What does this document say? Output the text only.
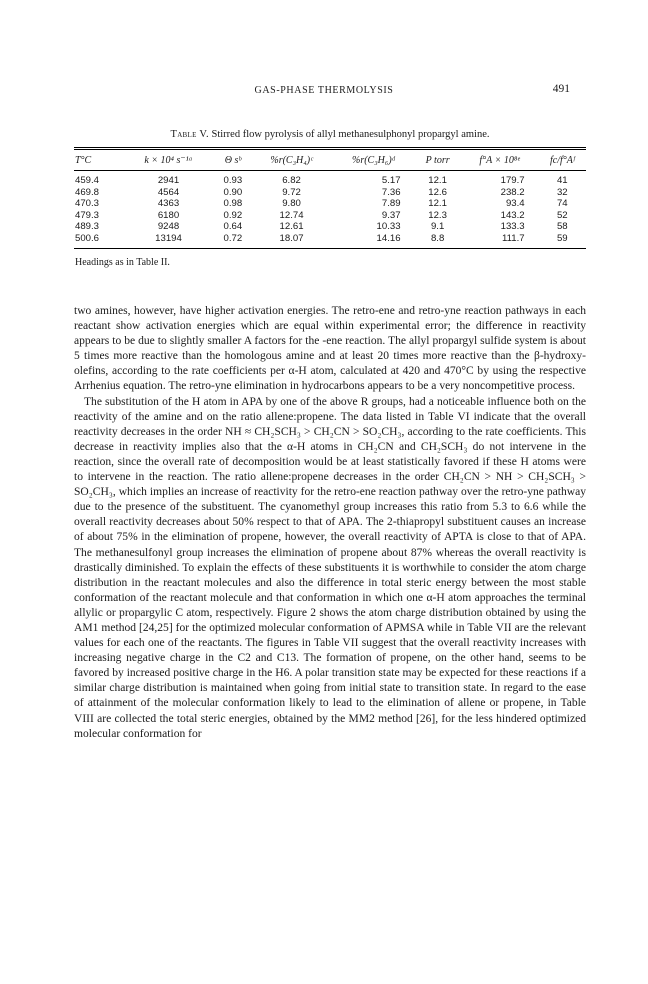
GAS-PHASE THERMOLYSIS	491

Table V. Stirred flow pyrolysis of allyl methanesulphonyl propargyl amine.

T°C	k × 10⁴ s⁻¹ᵃ	Θ sᵇ	%r(C₃H₄)ᶜ	%r(C₃H₆)ᵈ	P torr	f°A × 10⁸ᵉ	fc/f°Aᶠ
459.4	2941	0.93	6.82	5.17	12.1	179.7	41
469.8	4564	0.90	9.72	7.36	12.6	238.2	32
470.3	4363	0.98	9.80	7.89	12.1	93.4	74
479.3	6180	0.92	12.74	9.37	12.3	143.2	52
489.3	9248	0.64	12.61	10.33	9.1	133.3	58
500.6	13194	0.72	18.07	14.16	8.8	111.7	59
Headings as in Table II.

two amines, however, have higher activation energies. The retro-ene and retro-yne reaction pathways in each reactant show activation energies which are equal within experimental error; the difference in reactivity appears to be due to slightly smaller A factors for the -ene reaction. The allyl propargyl sulfide system is about 5 times more reactive than the homologous amine and at least 20 times more reactive than the β-hydroxy-olefins, according to the rate coefficients per α-H atom, calculated at 420 and 470°C by using the respective Arrhenius equation. The retro-yne elimination in hydrocarbons appears to be a very noncompetitive process.

The substitution of the H atom in APA by one of the above R groups, had a noticeable influence both on the reactivity of the amine and on the ratio allene:propene. The data listed in Table VI indicate that the overall reactivity decreases in the order NH ≈ CH₂SCH₃ > CH₂CN > SO₂CH₃, according to the rate coefficients. This decrease in reactivity implies also that the α-H atoms in CH₂CN and CH₂SCH₃ do not intervene in the reaction, since the overall rate of decomposition would be at least statistically favored if these H atoms were to intervene in the reaction. The ratio allene:propene decreases in the order CH₂CN > NH > CH₂SCH₃ > SO₂CH₃, which implies an increase of reactivity for the retro-ene reaction pathway over the retro-yne pathway due to the presence of the substituent. The cyanomethyl group increases this ratio from 5.3 to 6.6 while the overall reactivity decreases about 50% respect to that of APA. The 2-thiapropyl substituent causes an increase of about 75% in the elimination of propene, however, the overall reactivity of APTA is close to that of APA. The methanesulfonyl group increases the elimination of propene about 87% whereas the overall reactivity is drastically diminished. To explain the effects of these substituents it is worthwhile to consider the atom charge distribution in the reactant molecules and also the difference in total steric energy between the most stable conformation of the reactant molecule and that conformation in which one α-H atom approaches the terminal allylic or propargylic C atom, respectively. Figure 2 shows the atom charge distribution obtained by using the AM1 method [24,25] for the optimized molecular conformation of APMSA while in Table VII are the relevant values for each one of the reactants. The figures in Table VII suggest that the overall reactivity increases with increasing negative charge in the C2 and C13. The formation of propene, on the other hand, seems to be favored by increased positive charge in the H6. A polar transition state may be expected for these reactions if a similar charge distribution is maintained when going from initial state to transition state. In regard to the ease of attainment of the molecular conformation likely to lead to the elimination of allene or propene, in Table VIII are collected the total steric energies, obtained by the MM2 method [26], for the less hindered optimized molecular conformation for
